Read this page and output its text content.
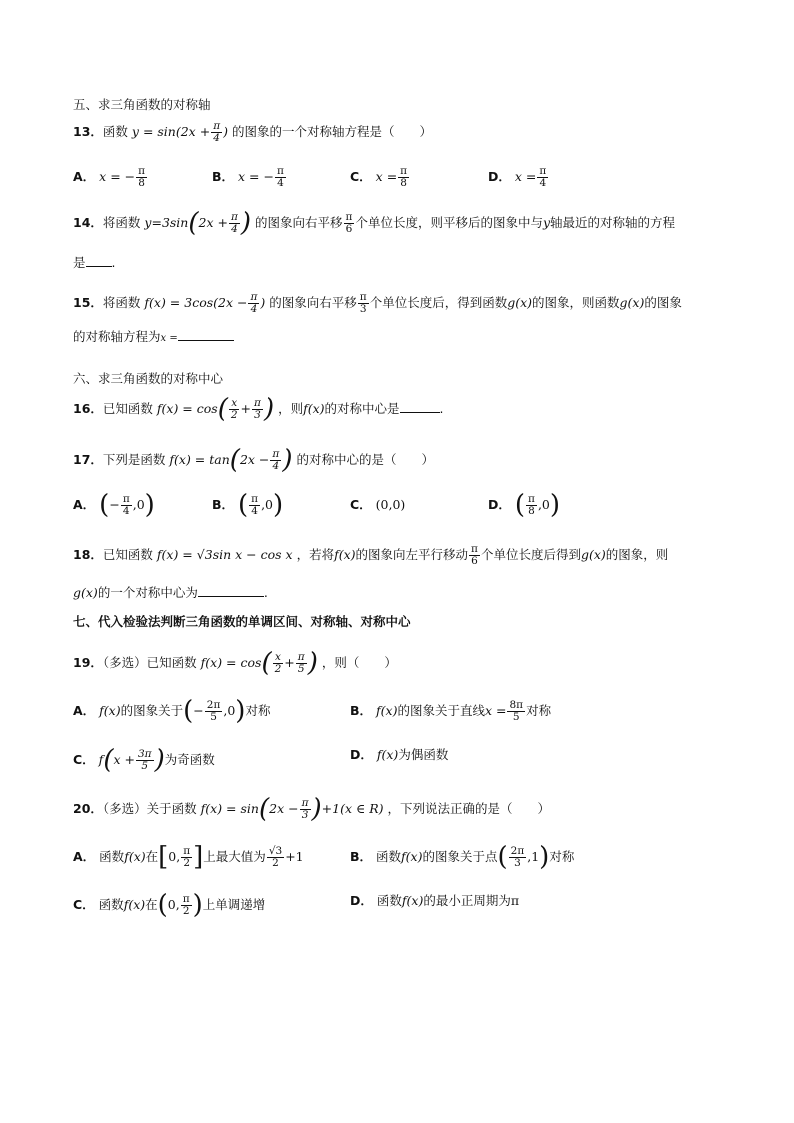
五、求三角函数的对称轴
13．函数 $y = \sin(2x + \frac{\pi}{4}$ ) 的图象的一个对称轴方程是（　　）
A． x = − $\frac{\pi}{8}$	B． x = − $\frac{\pi}{4}$	C． $x = \frac{\pi}{8}$	D． $x = \frac{\pi}{4}$
14．将函数 $y=3\sin(2x + \frac{\pi}{4}$ ) 的图象向右平移 $\frac{\pi}{6}$ 个单位长度，则平移后的图象中与y轴最近的对称轴的方程
是 .
15．将函数 $f(x) = 3\cos(2x - \frac{\pi}{4}$ ) 的图象向右平移 $\frac{\pi}{3}$ 个单位长度后，得到函数g(x)的图象，则函数g(x)的图象
的对称轴方程为x =
六、求三角函数的对称中心
16．已知函数 $f(x) = \cos( \frac{x}{2} + \frac{\pi}{3}$ ) ，则f(x)的对称中心是	.
17．下列是函数 $f(x) = \tan(2x - \frac{\pi}{4}$ ) 的对称中心的是（　　）
A． (− $\frac{\pi}{4} ,0$)	B． ( $\frac{\pi}{4} ,0$)	C． (0,0)	D． ( $\frac{\pi}{8} ,0$)
18．已知函数 f(x) = √3sin x − cos x ，若将f(x)的图象向左平行移动 $\frac{\pi}{6}$ 个单位长度后得到g(x)的图象，则
g(x)的一个对称中心为	.
七、代入检验法判断三角函数的单调区间、对称轴、对称中心
19．（多选）已知函数 $f(x) = \cos( \frac{x}{2} + \frac{\pi}{5}$ ) ，则（　　）
A． f(x)的图象关于(− $\frac{2\pi}{5} ,0$)对称	B． f(x)的图象关于直线$x = \frac{8\pi}{5}$ 对称
C． $f(x + \frac{3\pi}{5}$ )为奇函数	D． f(x)为偶函数
20．（多选）关于函数 $f(x) = \sin(2x - \frac{\pi}{3} )+1(x$ ∈ R) ，下列说法正确的是（　　）
A． 函数f(x)在[0, $\frac{\pi}{2}$ ]上最大值为 $\frac{√3}{2} +1$	B． 函数f(x)的图象关于点( $\frac{2\pi}{3} ,1$)对称
C． 函数f(x)在(0, $\frac{\pi}{2}$ )上单调递增	D． 函数f(x)的最小正周期为π
